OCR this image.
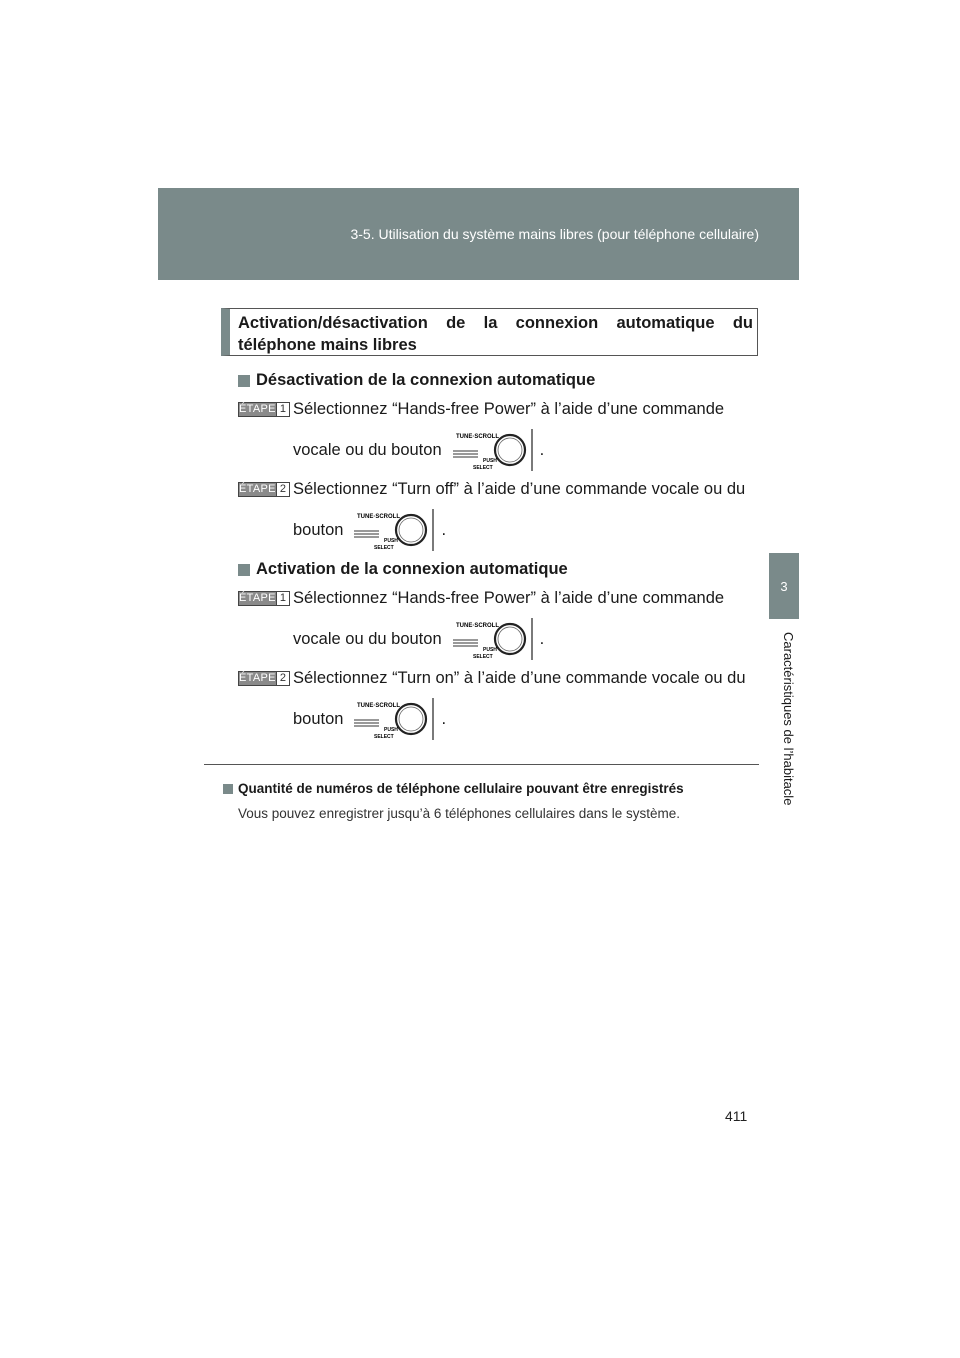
3-5. Utilisation du système mains libres (pour téléphone cellulaire)
3
Caractéristiques de l’habitacle
Activation/désactivation de la connexion automatique du téléphone mains libres
Désactivation de la connexion automatique
ÉTAPE 1 Sélectionnez “Hands-free Power” à l’aide d’une commande
vocale ou du bouton
TUNE·SCROLL
PUSH
SELECT
.
ÉTAPE 2 Sélectionnez “Turn off” à l’aide d’une commande vocale ou du
bouton
TUNE·SCROLL
PUSH
SELECT
.
Activation de la connexion automatique
ÉTAPE 1 Sélectionnez “Hands-free Power” à l’aide d’une commande
vocale ou du bouton
TUNE·SCROLL
PUSH
SELECT
.
ÉTAPE 2 Sélectionnez “Turn on” à l’aide d’une commande vocale ou du
bouton
TUNE·SCROLL
PUSH
SELECT
.
Quantité de numéros de téléphone cellulaire pouvant être enregistrés
Vous pouvez enregistrer jusqu’à 6 téléphones cellulaires dans le système.
411
